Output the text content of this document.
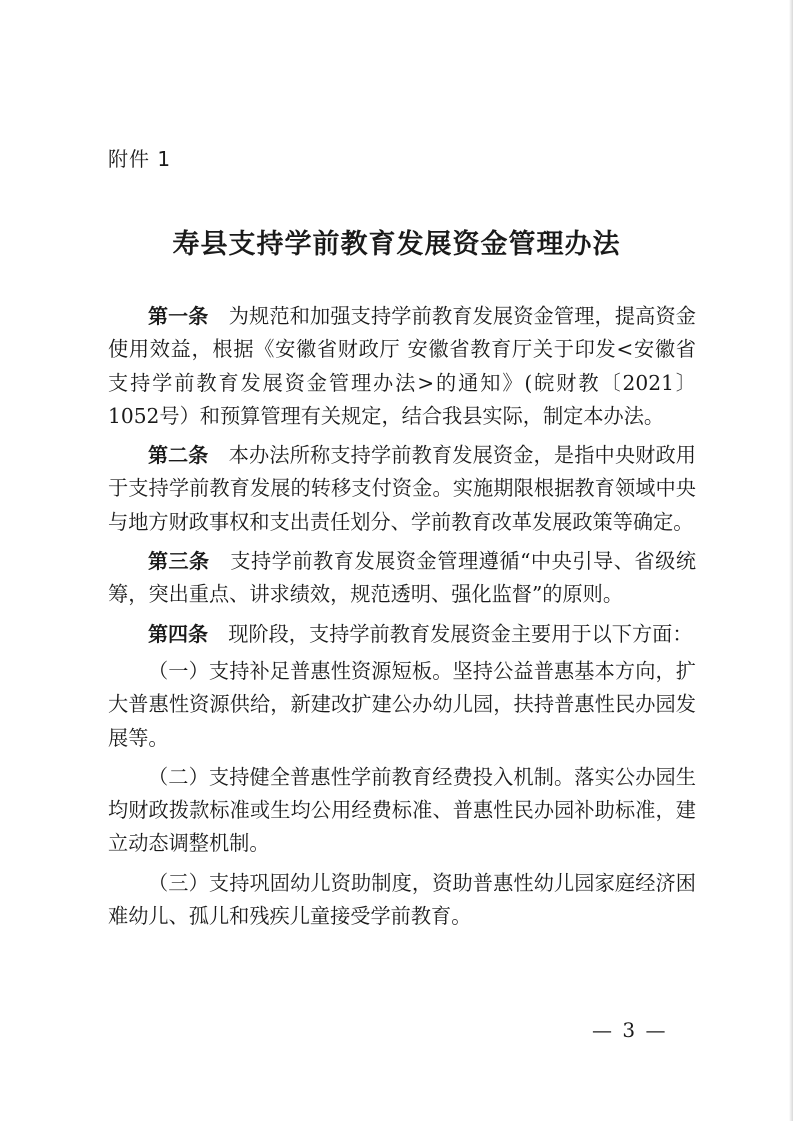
附件 1
寿县支持学前教育发展资金管理办法

第一条  为规范和加强支持学前教育发展资金管理，提高资金使用效益，根据《安徽省财政厅 安徽省教育厅关于印发<安徽省支持学前教育发展资金管理办法>的通知》(皖财教〔2021〕1052号）和预算管理有关规定，结合我县实际，制定本办法。

第二条  本办法所称支持学前教育发展资金，是指中央财政用于支持学前教育发展的转移支付资金。实施期限根据教育领域中央与地方财政事权和支出责任划分、学前教育改革发展政策等确定。

第三条  支持学前教育发展资金管理遵循“中央引导、省级统筹，突出重点、讲求绩效，规范透明、强化监督”的原则。

第四条  现阶段，支持学前教育发展资金主要用于以下方面：

（一）支持补足普惠性资源短板。坚持公益普惠基本方向，扩大普惠性资源供给，新建改扩建公办幼儿园，扶持普惠性民办园发展等。

（二）支持健全普惠性学前教育经费投入机制。落实公办园生均财政拨款标准或生均公用经费标准、普惠性民办园补助标准，建立动态调整机制。

（三）支持巩固幼儿资助制度，资助普惠性幼儿园家庭经济困难幼儿、孤儿和残疾儿童接受学前教育。

— 3 —
